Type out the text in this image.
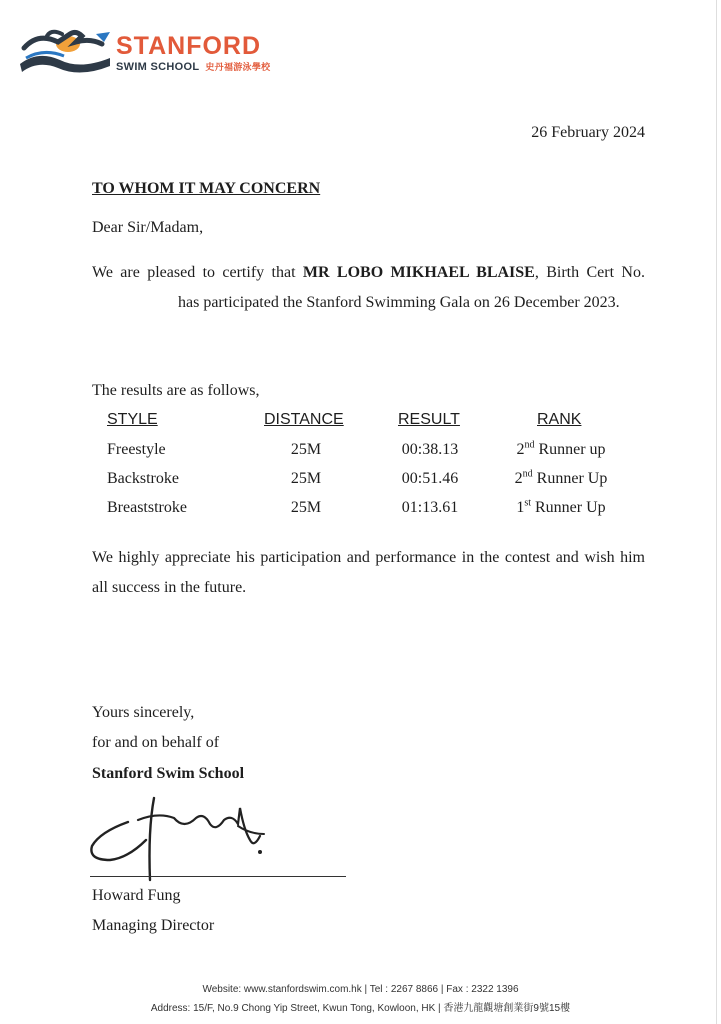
STANFORD
SWIM SCHOOL 史丹福游泳學校
26 February 2024
TO WHOM IT MAY CONCERN
Dear Sir/Madam,
We are pleased to certify that MR LOBO MIKHAEL BLAISE, Birth Cert No. has participated the Stanford Swimming Gala on 26 December 2023.
The results are as follows,
STYLE	DISTANCE	RESULT	RANK
Freestyle	25M	00:38.13	2nd Runner up
Backstroke	25M	00:51.46	2nd Runner Up
Breaststroke	25M	01:13.61	1st Runner Up
We highly appreciate his participation and performance in the contest and wish him all success in the future.
Yours sincerely,
for and on behalf of
Stanford Swim School
Howard Fung
Managing Director
Website: www.stanfordswim.com.hk | Tel : 2267 8866 | Fax : 2322 1396
Address: 15/F, No.9 Chong Yip Street, Kwun Tong, Kowloon, HK | 香港九龍觀塘創業街9號15樓
